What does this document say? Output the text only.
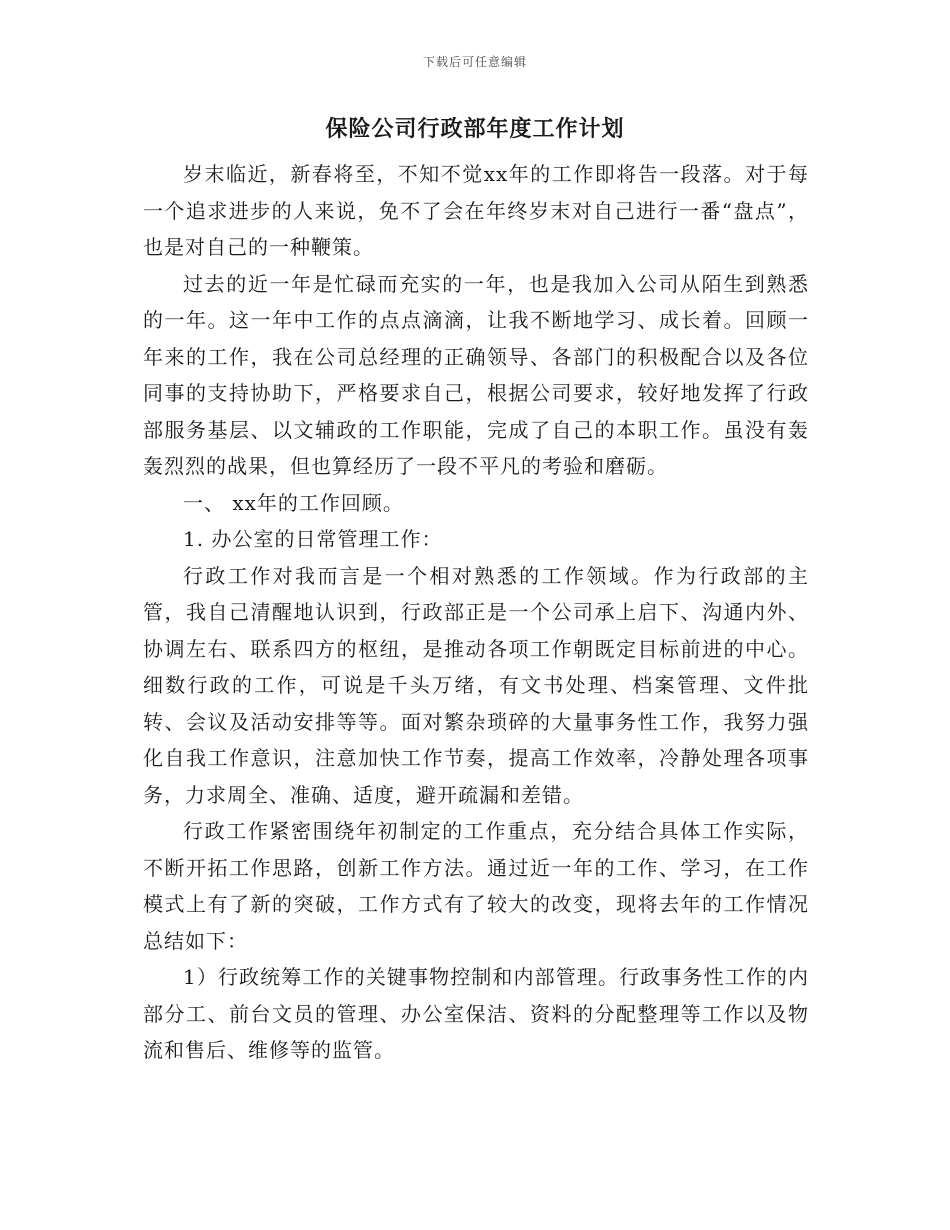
下载后可任意编辑
保险公司行政部年度工作计划

岁末临近，新春将至，不知不觉xx年的工作即将告一段落。对于每一个追求进步的人来说，免不了会在年终岁末对自己进行一番“盘点”，也是对自己的一种鞭策。

过去的近一年是忙碌而充实的一年，也是我加入公司从陌生到熟悉的一年。这一年中工作的点点滴滴，让我不断地学习、成长着。回顾一年来的工作，我在公司总经理的正确领导、各部门的积极配合以及各位同事的支持协助下，严格要求自己，根据公司要求，较好地发挥了行政部服务基层、以文辅政的工作职能，完成了自己的本职工作。虽没有轰轰烈烈的战果，但也算经历了一段不平凡的考验和磨砺。

一、 xx年的工作回顾。

1. 办公室的日常管理工作：

行政工作对我而言是一个相对熟悉的工作领域。作为行政部的主管，我自己清醒地认识到，行政部正是一个公司承上启下、沟通内外、协调左右、联系四方的枢纽，是推动各项工作朝既定目标前进的中心。 细数行政的工作，可说是千头万绪，有文书处理、档案管理、文件批转、会议及活动安排等等。面对繁杂琐碎的大量事务性工作，我努力强化自我工作意识，注意加快工作节奏，提高工作效率，冷静处理各项事务，力求周全、准确、适度，避开疏漏和差错。

行政工作紧密围绕年初制定的工作重点，充分结合具体工作实际，不断开拓工作思路，创新工作方法。通过近一年的工作、学习，在工作模式上有了新的突破，工作方式有了较大的改变，现将去年的工作情况总结如下：

1）行政统筹工作的关键事物控制和内部管理。行政事务性工作的内部分工、前台文员的管理、办公室保洁、资料的分配整理等工作以及物流和售后、维修等的监管。
